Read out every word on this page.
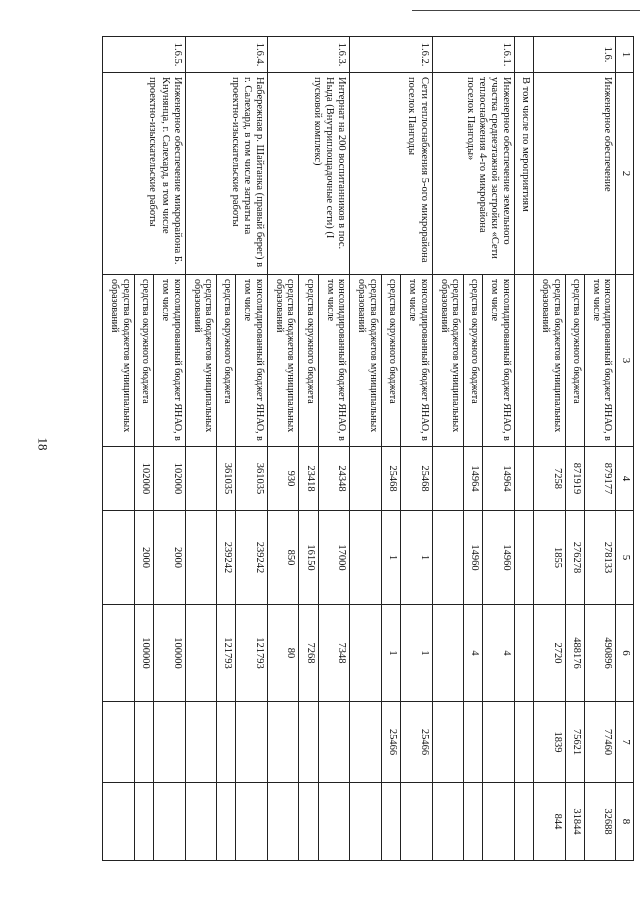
18
1	2	3	4	5	6	7	8
1.6.	Инженерное обеспечение	консолидированный бюджет ЯНАО, в том числе	879177	278133	490896	77460	32688
		средства окружного бюджета	871919	276278	488176	75621	31844
		средства бюджетов муниципальных образований	7258	1855	2720	1839	844
	В том числе по мероприятиям						
1.6.1.	Инженерное обеспечение земельного участка среднеэтажной застройки «Сети теплоснабжения 4-го микрорайона поселок Пангоды»	консолидированный бюджет ЯНАО, в том числе	14964	14960	4		
		средства окружного бюджета	14964	14960	4		
		средства бюджетов муниципальных образований					
1.6.2.	Сети теплоснабжения 5-ого микрорайона поселок Пангоды	консолидированный бюджет ЯНАО, в том числе	25468	1	1	25466	
		средства окружного бюджета	25468	1	1	25466	
		средства бюджетов муниципальных образований					
1.6.3.	Интернат на 200 воспитанников в пос. Ныда (Внутриплощадочные сети) (I пусковой комплекс)	консолидированный бюджет ЯНАО, в том числе	24348	17000	7348		
		средства окружного бюджета	23418	16150	7268		
		средства бюджетов муниципальных образований	930	850	80		
1.6.4.	Набережная р. Шайтанка (правый берег) в г. Салехард, в том числе затраты на проектно-изыскательские работы	консолидированный бюджет ЯНАО, в том числе	361035	239242	121793		
		средства окружного бюджета	361035	239242	121793		
		средства бюджетов муниципальных образований					
1.6.5.	Инженерное обеспечение микрорайона Б. Кнунянца, г. Салехард, в том числе проектно-изыскательские работы	консолидированный бюджет ЯНАО, в том числе	102000	2000	100000		
		средства окружного бюджета	102000	2000	100000		
		средства бюджетов муниципальных образований					
